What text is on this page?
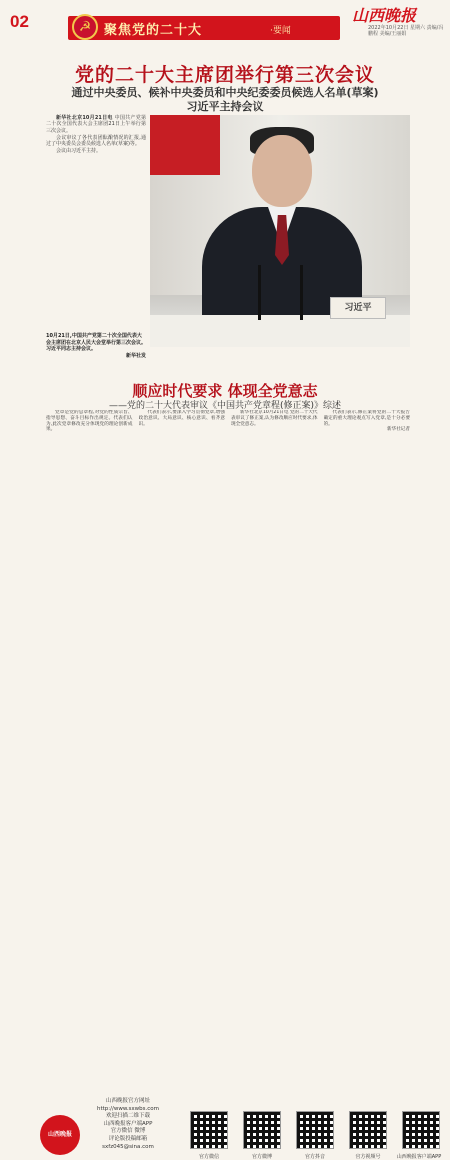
02	☭ 聚焦党的二十大	·要闻
山西晚报
2022年10月22日 星期六 责编/冯鹏程 美编/王丽娟
党的二十大主席团举行第三次会议
通过中央委员、候补中央委员和中央纪委委员候选人名单(草案)
习近平主持会议

新华社北京10月21日电 中国共产党第二十次全国代表大会主席团21日上午举行第三次会议。

会议审议了各代表团酝酿情况的汇报,通过了中央委员会委员候选人名单(草案)等。

会议由习近平主持。

10月21日,中国共产党第二十次全国代表大会主席团在北京人民大会堂举行第三次会议。习近平同志主持会议。
新华社发
习近平
顺应时代要求 体现全党意志
——党的二十大代表审议《中国共产党章程(修正案)》综述

党章是党的总章程,对党的性质宗旨、指导思想、奋斗目标作出规定。代表们认为,此次党章修改充分体现党的理论创新成果。

代表们表示,要深入学习贯彻党章,增强政治意识、大局意识、核心意识、看齐意识。

新华社北京10月21日电 党的二十大代表审议了修正案,认为修改顺应时代要求,体现全党意志。

代表们表示,修正案将党的二十大报告确定的重大理论观点写入党章,是十分必要的。

新华社记者

山西晚报
山西晚报官方网址
http://www.sxwbs.com
欢迎扫描二维下载
山西晚报客户端APP
官方微信 微博
评论版投稿邮箱
sxfz045@sina.com
官方微信	官方微博	官方抖音	官方视频号	山西晚报客户端APP
